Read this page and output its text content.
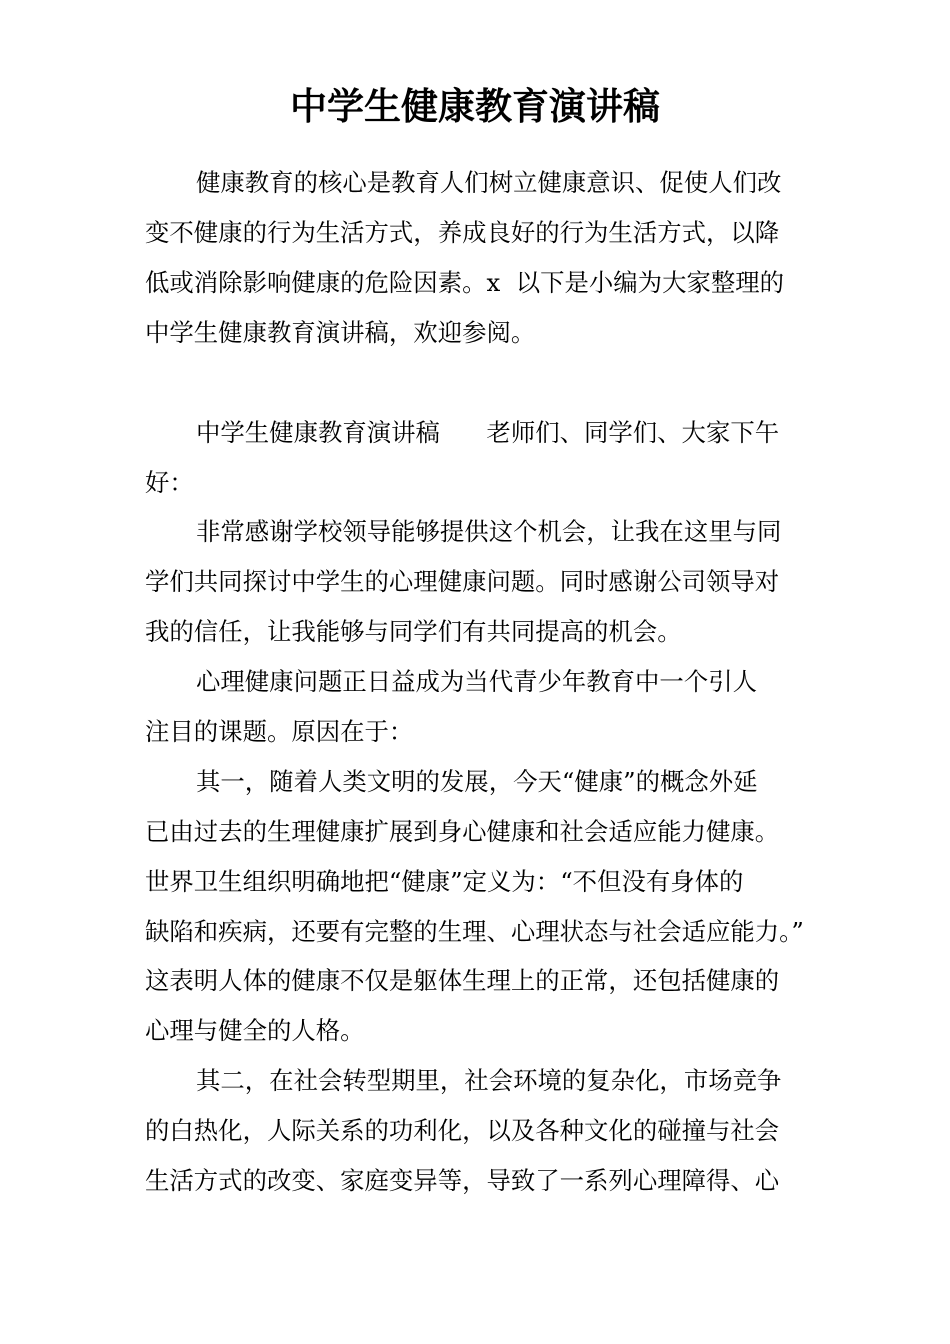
中学生健康教育演讲稿
健康教育的核心是教育人们树立健康意识、促使人们改
变不健康的行为生活方式，养成良好的行为生活方式，以降
低或消除影响健康的危险因素。x  以下是小编为大家整理的
中学生健康教育演讲稿，欢迎参阅。
中学生健康教育演讲稿      老师们、同学们、大家下午
好：
非常感谢学校领导能够提供这个机会，让我在这里与同
学们共同探讨中学生的心理健康问题。同时感谢公司领导对
我的信任，让我能够与同学们有共同提高的机会。
心理健康问题正日益成为当代青少年教育中一个引人
注目的课题。原因在于：
其一，随着人类文明的发展，今天“健康”的概念外延
已由过去的生理健康扩展到身心健康和社会适应能力健康。
世界卫生组织明确地把“健康”定义为：“不但没有身体的
缺陷和疾病，还要有完整的生理、心理状态与社会适应能力。”
这表明人体的健康不仅是躯体生理上的正常，还包括健康的
心理与健全的人格。
其二，在社会转型期里，社会环境的复杂化，市场竞争
的白热化，人际关系的功利化，以及各种文化的碰撞与社会
生活方式的改变、家庭变异等，导致了一系列心理障得、心
